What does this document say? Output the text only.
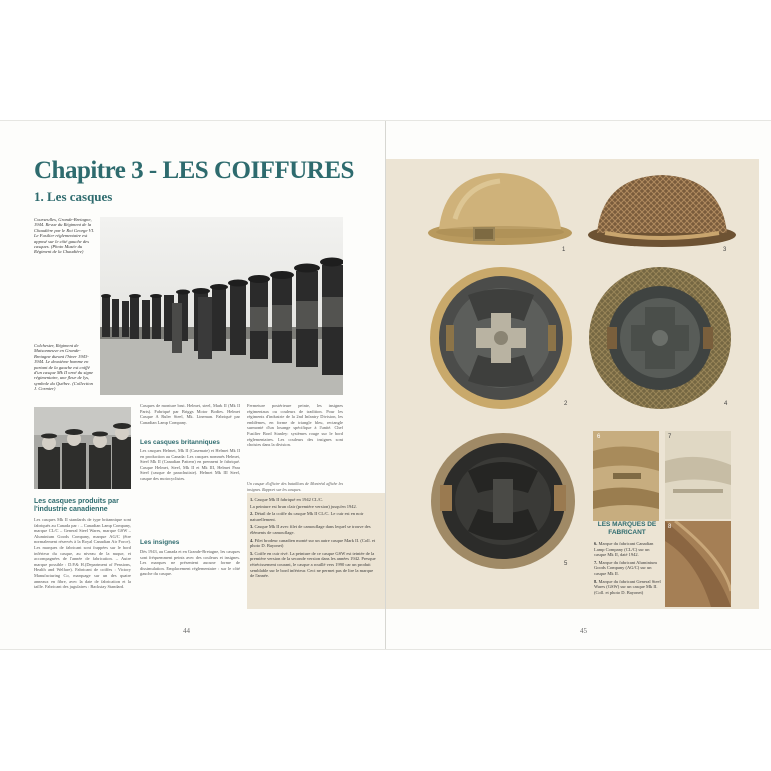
Chapitre 3 - LES COIFFURES
1. Les casques
Courseulles, Grande-Bretagne, 1944. Revue du Régiment de la Chaudière par le Roi George VI. Le Fusilier réglementaire est apposé sur le côté gauche des casques. (Photo Musée du Régiment de la Chaudière)
Colchester, Régiment de Maisonneuve en Grande-Bretagne durant l'hiver 1943-1944. Le deuxième homme en partant de la gauche est coiffé d'un casque Mk II orné du signe régimentaire, une fleur de lys, symbole du Québec. (Collection J. Cormier)
Les casques produits par l'industrie canadienne
Les casques Mk II standards de type britannique sont fabriqués au Canada par : – Canadian Lamp Company, marque CL/C – General Steel Wares, marque GSW – Aluminium Goods Company, marque AG/C (être normalement réservés à la Royal Canadian Air Force). Les marques de fabricant sont frappées sur le bord inférieur du casque, au niveau de la nuque, et accompagnées de l'année de fabrication. – Autre marque possible : D.P.& H.(Department of Pensions, Health and Welfare). Fabricant de coiffes : Victory Manufacturing Co, marquage sur un des quatre anneaux en fibre, avec la date de fabrication et la taille. Fabricant des jugulaires : Backstay Standard.
Casques de monture brut. Helmet, steel, Mark II (Mk II Parts). Fabriqué par Briggs Motor Bodies. Helmet Casque A Ruler Steel, Mk. Lineman. Fabriqué par Canadian Lamp Company.
Les casques britanniques
Les casques Helmet, Mk II (Casemate) et Helmet Mk II en production au Canada: Les casques nommés Helmet, Steel Mk II (Canadian Pattern) en prennent le fabriqué. Casque Helmet, Steel, Mk II et Mk III, Helmet Para Steel (casque de parachutiste). Helmet Mk III Steel, casque des motocyclistes.
Les insignes
Dès 1943, au Canada et en Grande-Bretagne, les casques sont fréquemment peints avec des couleurs et insignes. Les marques ne présentent aucune forme de dissimulation. Emplacement réglementaire : sur le côté gauche du casque.
Fermeture postérieure peinte, les insignes régimentaux ou couleurs de tradition. Pour les régiments d'industrie de la 2nd Infantry Division, les emblèmes, en forme de triangle bleu, rectangle surmonté d'un losange spécifique à l'unité. Chef Fusilier Bord Stanley: systèmes rouge sur le bord réglementaires. Les couleurs des insignes sont choisies dans la division.
Un casque d'officier des bataillons de Montréal affiche les insignes. Rapport sur les casques.
44
1	3
2	4
5
6	7
8
1. Casque Mk II fabriqué en 1942 CL/C.
La peinture est brun clair (première version) jusqu'en 1942.
2. Détail de la coiffe du casque Mk II CL/C. Le cuir est en noir naturellement.
3. Casque Mk II avec filet de camouflage dans lequel se trouve des éléments de camouflage.
4. Filet brodeur canadien monté sur un autre casque Mark II. (Coll. et photo D. Bayonet)
5. Coiffe en cuir rivé. La peinture de ce casque GSW est teintée de la première version de la seconde version dans les années 1942. Presque rétrécissement courant, le casque a rouillé vers 1990 car un produit semblable sur le bord inférieur. Ceci ne permet pas de lire la marque de l'année.
LES MARQUES DE FABRICANT
6. Marque du fabricant Canadian Lamp Company (CL/C) sur un casque Mk II, daté 1942.
7. Marque du fabricant Aluminium Goods Company (AG/C) sur un casque Mk II.
8. Marque du fabricant General Steel Wares (GSW) sur un casque Mk II. (Coll. et photo D. Bayonet)
45
